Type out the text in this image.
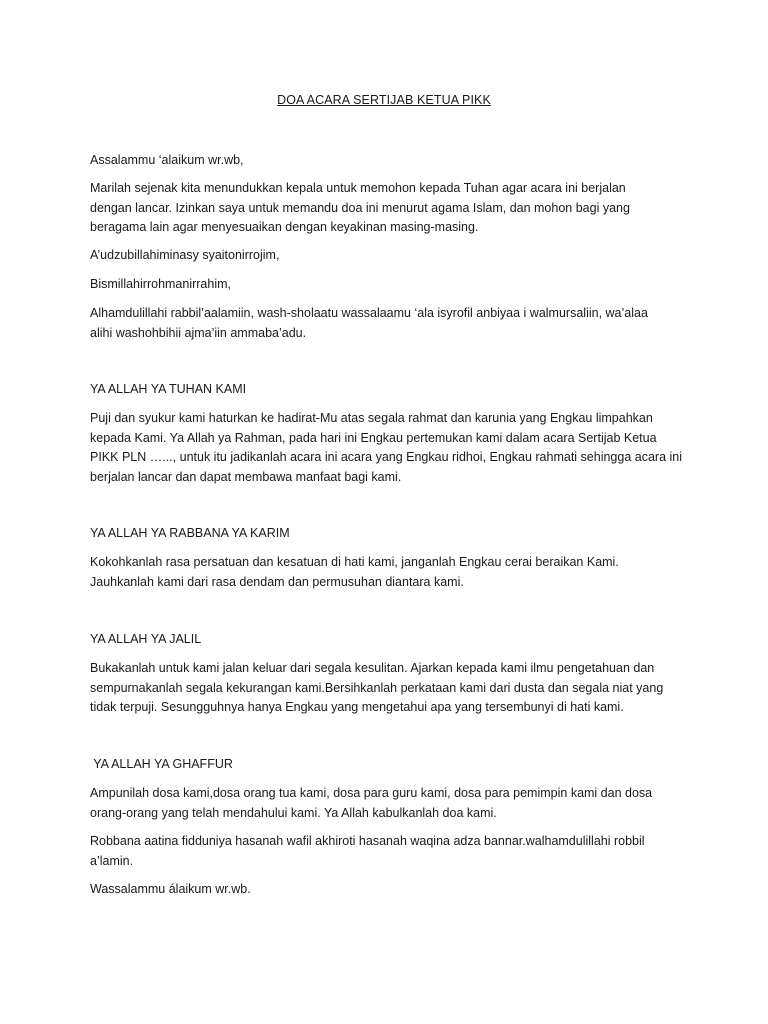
DOA ACARA SERTIJAB KETUA PIKK

Assalammu ‘alaikum wr.wb,

Marilah sejenak kita menundukkan kepala untuk memohon kepada Tuhan agar acara ini berjalan
dengan lancar. Izinkan saya untuk memandu doa ini menurut agama Islam, dan mohon bagi yang
beragama lain agar menyesuaikan dengan keyakinan masing-masing.

A’udzubillahiminasy syaitonirrojim,

Bismillahirrohmanirrahim,

Alhamdulillahi rabbil’aalamiin, wash-sholaatu wassalaamu ‘ala isyrofil anbiyaa i walmursaliin, wa’alaa
alihi washohbihii ajma’iin ammaba’adu.

YA ALLAH YA TUHAN KAMI

Puji dan syukur kami haturkan ke hadirat-Mu atas segala rahmat dan karunia yang Engkau limpahkan
kepada Kami. Ya Allah ya Rahman, pada hari ini Engkau pertemukan kami dalam acara Sertijab Ketua
PIKK PLN …..., untuk itu jadikanlah acara ini acara yang Engkau ridhoi, Engkau rahmati sehingga acara ini
berjalan lancar dan dapat membawa manfaat bagi kami.

YA ALLAH YA RABBANA YA KARIM

Kokohkanlah rasa persatuan dan kesatuan di hati kami, janganlah Engkau cerai beraikan Kami.
Jauhkanlah kami dari rasa dendam dan permusuhan diantara kami.

YA ALLAH YA JALIL

Bukakanlah untuk kami jalan keluar dari segala kesulitan. Ajarkan kepada kami ilmu pengetahuan dan
sempurnakanlah segala kekurangan kami.Bersihkanlah perkataan kami dari dusta dan segala niat yang
tidak terpuji. Sesungguhnya hanya Engkau yang mengetahui apa yang tersembunyi di hati kami.

YA ALLAH YA GHAFFUR

Ampunilah dosa kami,dosa orang tua kami, dosa para guru kami, dosa para pemimpin kami dan dosa
orang-orang yang telah mendahului kami. Ya Allah kabulkanlah doa kami.

Robbana aatina fidduniya hasanah wafil akhiroti hasanah waqina adza bannar.walhamdulillahi robbil
a’lamin.

Wassalammu álaikum wr.wb.
